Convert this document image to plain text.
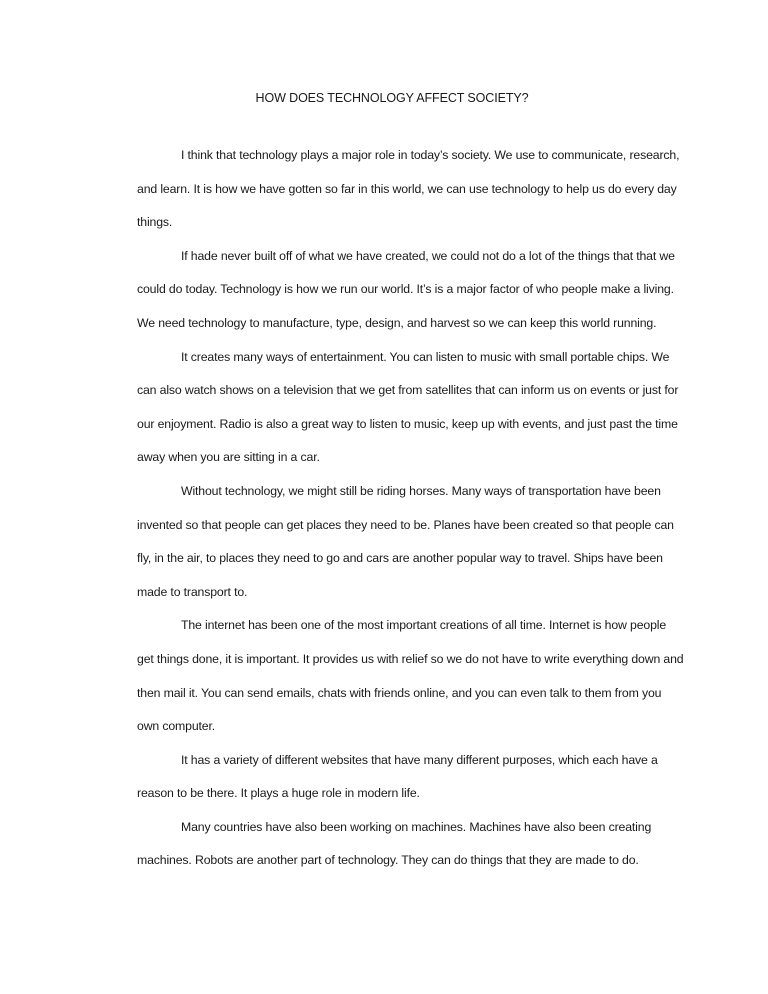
HOW DOES TECHNOLOGY AFFECT SOCIETY?

I think that technology plays a major role in today’s society. We use to communicate, research, and learn. It is how we have gotten so far in this world, we can use technology to help us do every day things.

If hade never built off of what we have created, we could not do a lot of the things that that we could do today. Technology is how we run our world. It’s is a major factor of who people make a living. We need technology to manufacture, type, design, and harvest so we can keep this world running.

It creates many ways of entertainment. You can listen to music with small portable chips. We can also watch shows on a television that we get from satellites that can inform us on events or just for our enjoyment. Radio is also a great way to listen to music, keep up with events, and just past the time away when you are sitting in a car.

Without technology, we might still be riding horses. Many ways of transportation have been invented so that people can get places they need to be. Planes have been created so that people can fly, in the air, to places they need to go and cars are another popular way to travel. Ships have been made to transport to.

The internet has been one of the most important creations of all time. Internet is how people get things done, it is important. It provides us with relief so we do not have to write everything down and then mail it. You can send emails, chats with friends online, and you can even talk to them from you own computer.

It has a variety of different websites that have many different purposes, which each have a reason to be there. It plays a huge role in modern life.

Many countries have also been working on machines. Machines have also been creating machines. Robots are another part of technology. They can do things that they are made to do.
